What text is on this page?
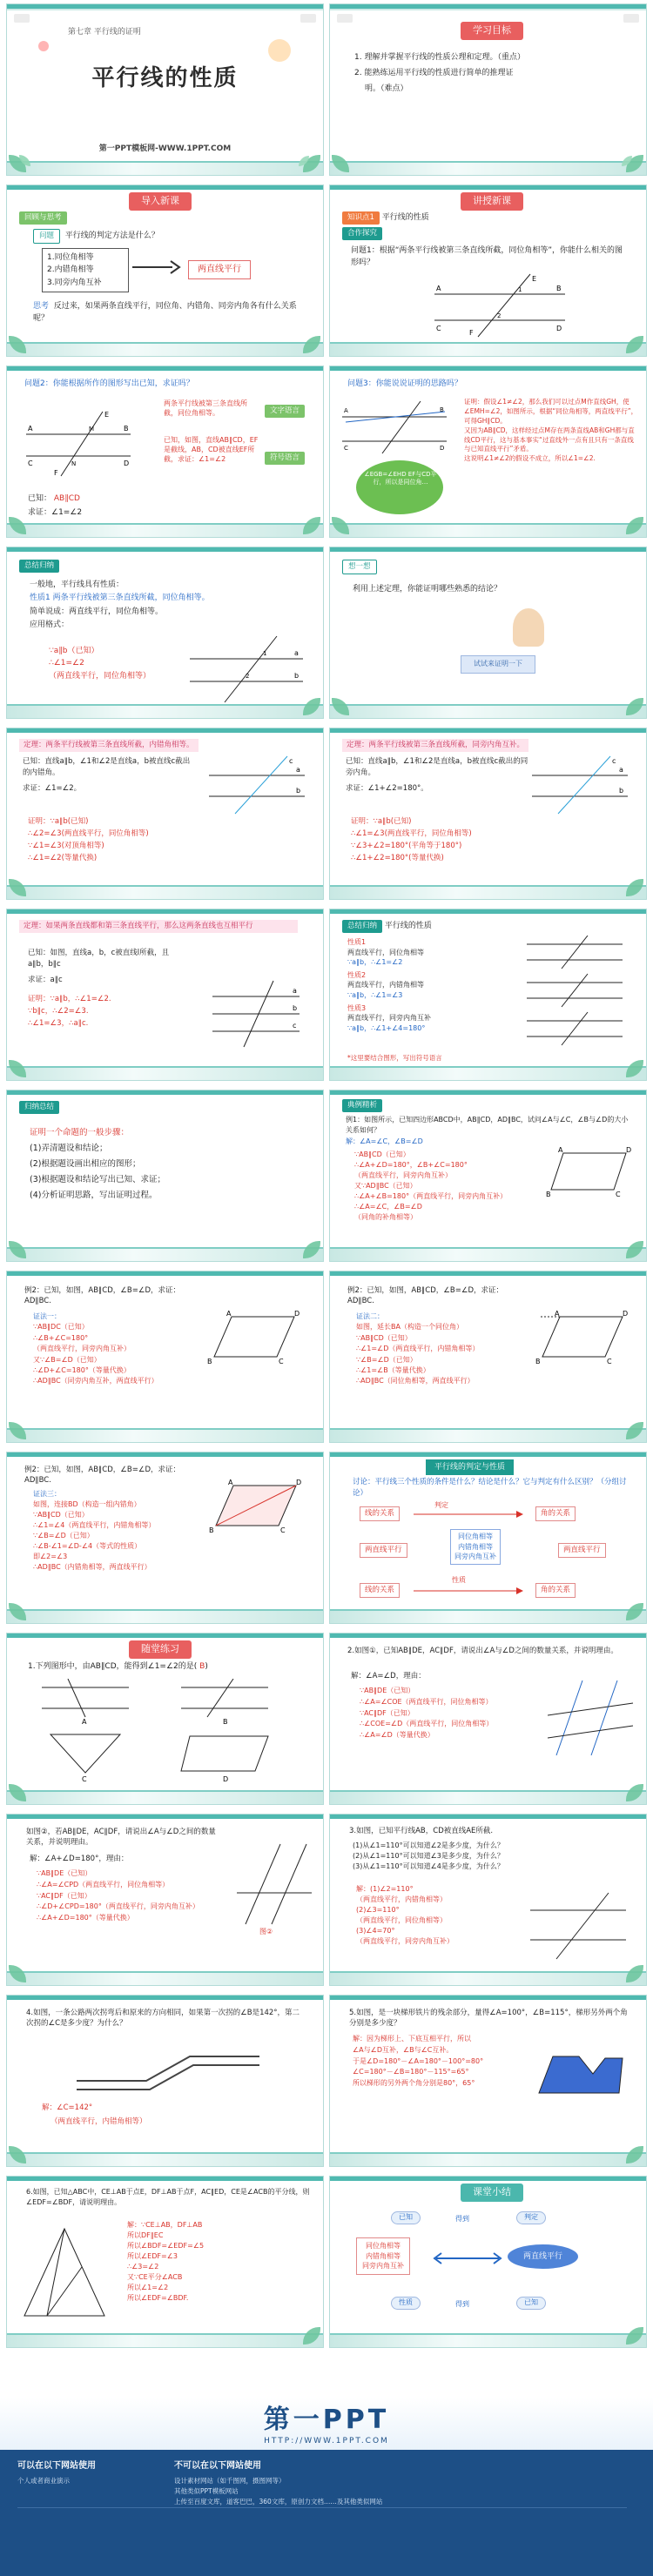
第七章 平行线的证明
平行线的性质
第一PPT模板网-WWW.1PPT.COM
学习目标
1. 理解并掌握平行线的性质公理和定理。（重点）
2. 能熟练运用平行线的性质进行简单的推理证
明。（难点）
导入新课
回顾与思考
问题 平行线的判定方法是什么？
1.同位角相等
2.内错角相等
3.同旁内角互补
两直线平行
思考 反过来，如果两条直线平行，同位角、内错角、同旁内角各有什么关系呢？
讲授新课
知识点1 平行线的性质
合作探究
问题1：根据“两条平行线被第三条直线所截，同位角相等”，你能什么相关的图形吗？
A	B
C	D
E
F
1
2
问题2：你能根据所作的图形写出已知，求证吗？
A	B
C	D
E
F
M
N
两条平行线被第三条直线所截，同位角相等。	文字语言
已知，如图，直线AB∥CD，EF是截线，AB，CD被直线EF所截，求证：∠1=∠2	符号语言
已知： AB∥CD
求证：∠1=∠2
问题3：你能说说证明的思路吗？
A	B
C	D
∠EGB=∠EHD EF与CD平行，所以是同位角…
证明：假设∠1≠∠2，那么我们可以过点M作直线GH，使∠EMH=∠2，如图所示，根据“同位角相等，两直线平行”，可得GH∥CD。
又因为AB∥CD，这样经过点M存在两条直线AB和GH都与直线CD平行，这与基本事实“过直线外一点有且只有一条直线与已知直线平行”矛盾。
这说明∠1≠∠2的假设不成立，所以∠1=∠2.
总结归纳
一般地，平行线具有性质：
性质1 两条平行线被第三条直线所截，同位角相等。
简单说成：两直线平行，同位角相等。
应用格式：
∵a∥b（已知）
∴∠1=∠2
（两直线平行，同位角相等）
a
b
1
2
想一想
利用上述定理，你能证明哪些熟悉的结论？
试试来证明一下
定理：两条平行线被第三条直线所截，内错角相等。
已知：直线a∥b，∠1和∠2是直线a，b被直线c截出的内错角。
求证：∠1=∠2。
a
b
c
证明：∵a∥b(已知)
∴∠2=∠3(两直线平行，同位角相等)
∵∠1=∠3(对顶角相等)
∴∠1=∠2(等量代换)
定理：两条平行线被第三条直线所截，同旁内角互补。
已知：直线a∥b，∠1和∠2是直线a，b被直线c截出的同旁内角。
求证：∠1+∠2=180°。
a
b
c
证明：∵a∥b(已知)
∴∠1=∠3(两直线平行，同位角相等)
∵∠3+∠2=180°(平角等于180°)
∴∠1+∠2=180°(等量代换)
定理：如果两条直线都和第三条直线平行，那么这两条直线也互相平行
已知：如图，直线a，b，c被直线l所截，且
a∥b，b∥c
求证：a∥c
证明：∵a∥b，∴∠1=∠2.
∵b∥c，∴∠2=∠3.
∴∠1=∠3，∴a∥c.
a
b
c
总结归纳 平行线的性质
性质1
两直线平行，同位角相等
∵a∥b，∴∠1=∠2
性质2
两直线平行，内错角相等
∵a∥b，∴∠1=∠3
性质3
两直线平行，同旁内角互补
∵a∥b，∴∠1+∠4=180°
*这里要结合图形，写出符号语言
归纳总结
证明一个命题的一般步骤：
(1)弄清题设和结论；
(2)根据题设画出相应的图形；
(3)根据题设和结论写出已知、求证；
(4)分析证明思路，写出证明过程。
典例精析
例1：如图所示，已知四边形ABCD中，AB∥CD，AD∥BC，试问∠A与∠C，∠B与∠D的大小关系如何？
解：∠A=∠C，∠B=∠D
∵AB∥CD（已知）
∴∠A+∠D=180°，∠B+∠C=180°
（两直线平行，同旁内角互补）
又∵AD∥BC（已知）
∴∠A+∠B=180°（两直线平行，同旁内角互补）
∴∠A=∠C，∠B=∠D
（同角的补角相等）
A	D
B	C
例2：已知，如图，AB∥CD，∠B=∠D，求证：AD∥BC.
证法一：
∵AB∥DC（已知）
∴∠B+∠C=180°
（两直线平行，同旁内角互补）
又∵∠B=∠D（已知）
∴∠D+∠C=180°（等量代换）
∴AD∥BC（同旁内角互补，两直线平行）
A	D
B	C
例2：已知，如图，AB∥CD，∠B=∠D，求证：AD∥BC.
证法二：
如图，延长BA（构造一个同位角）
∵AB∥CD（已知）
∴∠1=∠D（两直线平行，内错角相等）
∵∠B=∠D（已知）
∴∠1=∠B（等量代换）
∴AD∥BC（同位角相等，两直线平行）
A	D
B	C
例2：已知，如图，AB∥CD，∠B=∠D，求证：AD∥BC.
证法三：
如图，连接BD（构造一组内错角）
∵AB∥CD（已知）
∴∠1=∠4（两直线平行，内错角相等）
∵∠B=∠D（已知）
∴∠B-∠1=∠D-∠4（等式的性质）
即∠2=∠3
∴AD∥BC（内错角相等，两直线平行）
A	D
B	C
平行线的判定与性质
讨论：平行线三个性质的条件是什么？结论是什么？它与判定有什么区别？（分组讨论）
线的关系
判定
角的关系
两直线平行
同位角相等
内错角相等
同旁内角互补
两直线平行
线的关系
性质
角的关系
随堂练习
1.下列图形中，由AB∥CD，能得到∠1=∠2的是( B)
A	B
C	D
2.如图①，已知AB∥DE，AC∥DF，请说出∠A与∠D之间的数量关系，并说明理由。
解：∠A=∠D，理由：
∵AB∥DE（已知）
∴∠A=∠COE（两直线平行，同位角相等）
∵AC∥DF（已知）
∴∠COE=∠D（两直线平行，同位角相等）
∴∠A=∠D（等量代换）
如图②，若AB∥DE，AC∥DF，请说出∠A与∠D之间的数量关系，并说明理由。
解：∠A+∠D=180°，理由：
∵AB∥DE（已知）
∴∠A=∠CPD（两直线平行，同位角相等）
∵AC∥DF（已知）
∴∠D+∠CPD=180°（两直线平行，同旁内角互补）
∴∠A+∠D=180°（等量代换）
图②
3.如图，已知平行线AB，CD被直线AE所截.
(1)从∠1=110°可以知道∠2是多少度，为什么？
(2)从∠1=110°可以知道∠3是多少度，为什么？
(3)从∠1=110°可以知道∠4是多少度，为什么？
解：(1)∠2=110°
（两直线平行，内错角相等）
(2)∠3=110°
（两直线平行，同位角相等）
(3)∠4=70°
（两直线平行，同旁内角互补）
4.如图，一条公路两次拐弯后和原来的方向相同，如果第一次拐的∠B是142°，第二次拐的∠C是多少度？为什么？
解：∠C=142°
（两直线平行，内错角相等）
5.如图，是一块梯形铁片的残余部分，量得∠A=100°，∠B=115°，梯形另外两个角分别是多少度？
解：因为梯形上、下底互相平行，所以
∠A与∠D互补，∠B与∠C互补。
于是∠D=180°－∠A=180°－100°=80°
∠C=180°－∠B=180°－115°=65°
所以梯形的另外两个角分别是80°，65°
6.如图，已知△ABC中，CE⊥AB于点E，DF⊥AB于点F，AC∥ED，CE是∠ACB的平分线，则∠EDF=∠BDF，请说明理由。
解：∵CE⊥AB，DF⊥AB
所以DF∥EC
所以∠BDF=∠EDF=∠5
所以∠EDF=∠3
∴∠3=∠2
又∵CE平分∠ACB
所以∠1=∠2
所以∠EDF=∠BDF.
课堂小结
已知	得到	判定
同位角相等
内错角相等
同旁内角互补
两直线平行
性质	已知
得到
第一PPT
HTTP://WWW.1PPT.COM
可以在以下网站使用
个人或者商业演示
不可以在以下网站使用
设计素材网站（如千图网，摄图网等）
其他类似PPT模板网站
上传至百度文库，道客巴巴，360文库，原创力文档……及其他类似网站
